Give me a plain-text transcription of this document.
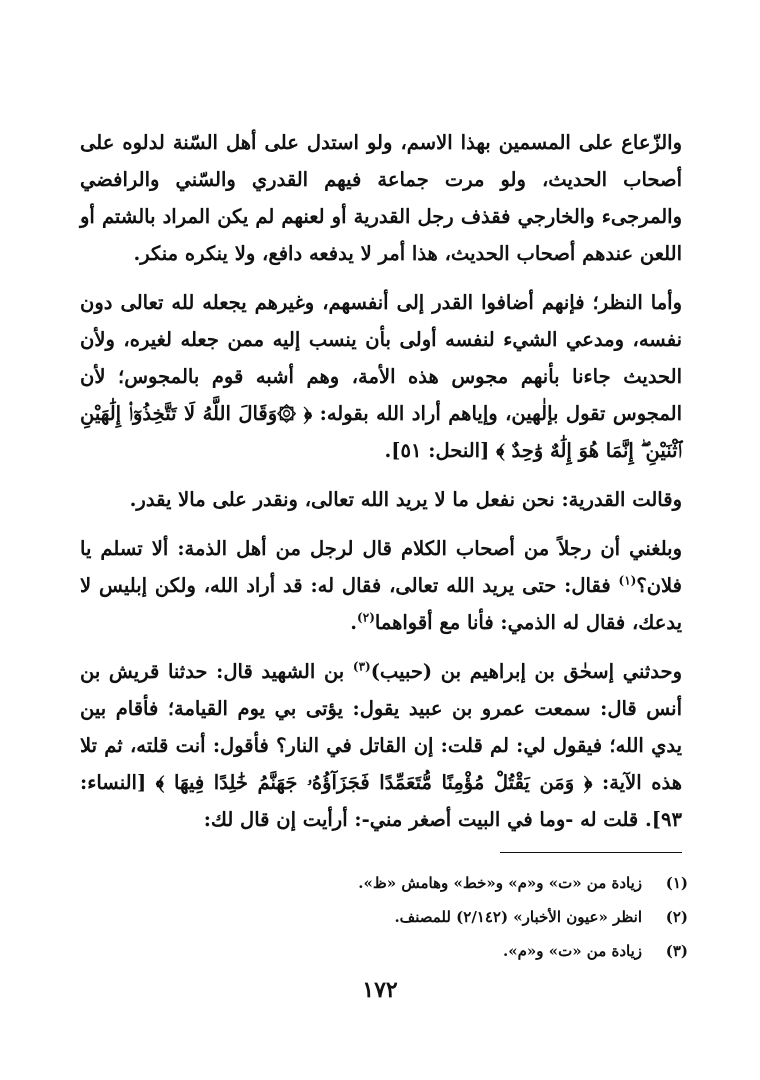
والزّعاع على المسمين بهذا الاسم، ولو استدل على أهل السّنة لدلوه على أصحاب الحديث، ولو مرت جماعة فيهم القدري والسّني والرافضي والمرجىء والخارجي فقذف رجل القدرية أو لعنهم لم يكن المراد بالشتم أو اللعن عندهم أصحاب الحديث، هذا أمر لا يدفعه دافع، ولا ينكره منكر.

وأما النظر؛ فإنهم أضافوا القدر إلى أنفسهم، وغيرهم يجعله لله تعالى دون نفسه، ومدعي الشيء لنفسه أولى بأن ينسب إليه ممن جعله لغيره، ولأن الحديث جاءنا بأنهم مجوس هذه الأمة، وهم أشبه قوم بالمجوس؛ لأن المجوس تقول بإلٰهين، وإياهم أراد الله بقوله: ﴿ ۞وَقَالَ اللَّهُ لَا تَتَّخِذُوٓا۟ إِلَٰهَيْنِ ٱثْنَيْنِ ۖ إِنَّمَا هُوَ إِلَٰهٌ وَٰحِدٌ ﴾ [النحل: ٥١].

وقالت القدرية: نحن نفعل ما لا يريد الله تعالى، ونقدر على مالا يقدر.

وبلغني أن رجلاً من أصحاب الكلام قال لرجل من أهل الذمة: ألا تسلم يا فلان؟$^{(١)}$ فقال: حتى يريد الله تعالى، فقال له: قد أراد الله، ولكن إبليس لا يدعك، فقال له الذمي: فأنا مع أقواهما$^{(٢)}$.

وحدثني إسحٰق بن إبراهيم بن (حبيب)$^{(٣)}$ بن الشهيد قال: حدثنا قريش بن أنس قال: سمعت عمرو بن عبيد يقول: يؤتى بي يوم القيامة؛ فأقام بين يدي الله؛ فيقول لي: لم قلت: إن القاتل في النار؟ فأقول: أنت قلته، ثم تلا هذه الآية: ﴿ وَمَن يَقْتُلْ مُؤْمِنًا مُّتَعَمِّدًا فَجَزَآؤُهُۥ جَهَنَّمُ خَٰلِدًا فِيهَا ﴾ [النساء: ٩٣]. قلت له -وما في البيت أصغر مني-: أرأيت إن قال لك:

(١)
زيادة من «ت» و«م» و«خط» وهامش «ظ».
(٢)
انظر «عيون الأخبار» (٢/١٤٢) للمصنف.
(٣)
زيادة من «ت» و«م».
١٧٢
